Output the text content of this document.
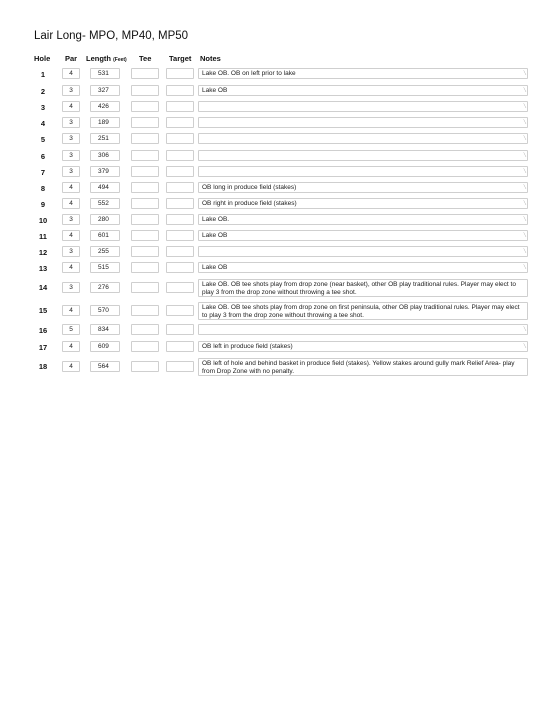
Lair Long- MPO, MP40, MP50
Hole Par Length (Feet) Tee Target Notes
1	4	531	Lake OB. OB on left prior to lake	╲
2	3	327	Lake OB	╲
3	4	426	╲
4	3	189	╲
5	3	251	╲
6	3	306	╲
7	3	379	╲
8	4	494	OB long in produce field (stakes)	╲
9	4	552	OB right in produce field (stakes)	╲
10	3	280	Lake OB.	╲
11	4	601	Lake OB	╲
12	3	255	╲
13	4	515	Lake OB	╲
14	3	276	Lake OB. OB tee shots play from drop zone (near basket), other OB play traditional rules. Player may elect to play 3 from the drop zone without throwing a tee shot.
15	4	570	Lake OB. OB tee shots play from drop zone on first peninsula, other OB play traditional rules. Player may elect to play 3 from the drop zone without throwing a tee shot.
16	5	834	╲
17	4	609	OB left in produce field (stakes)	╲
18	4	564	OB left of hole and behind basket in produce field (stakes). Yellow stakes around gully mark Relief Area- play from Drop Zone with no penalty.
